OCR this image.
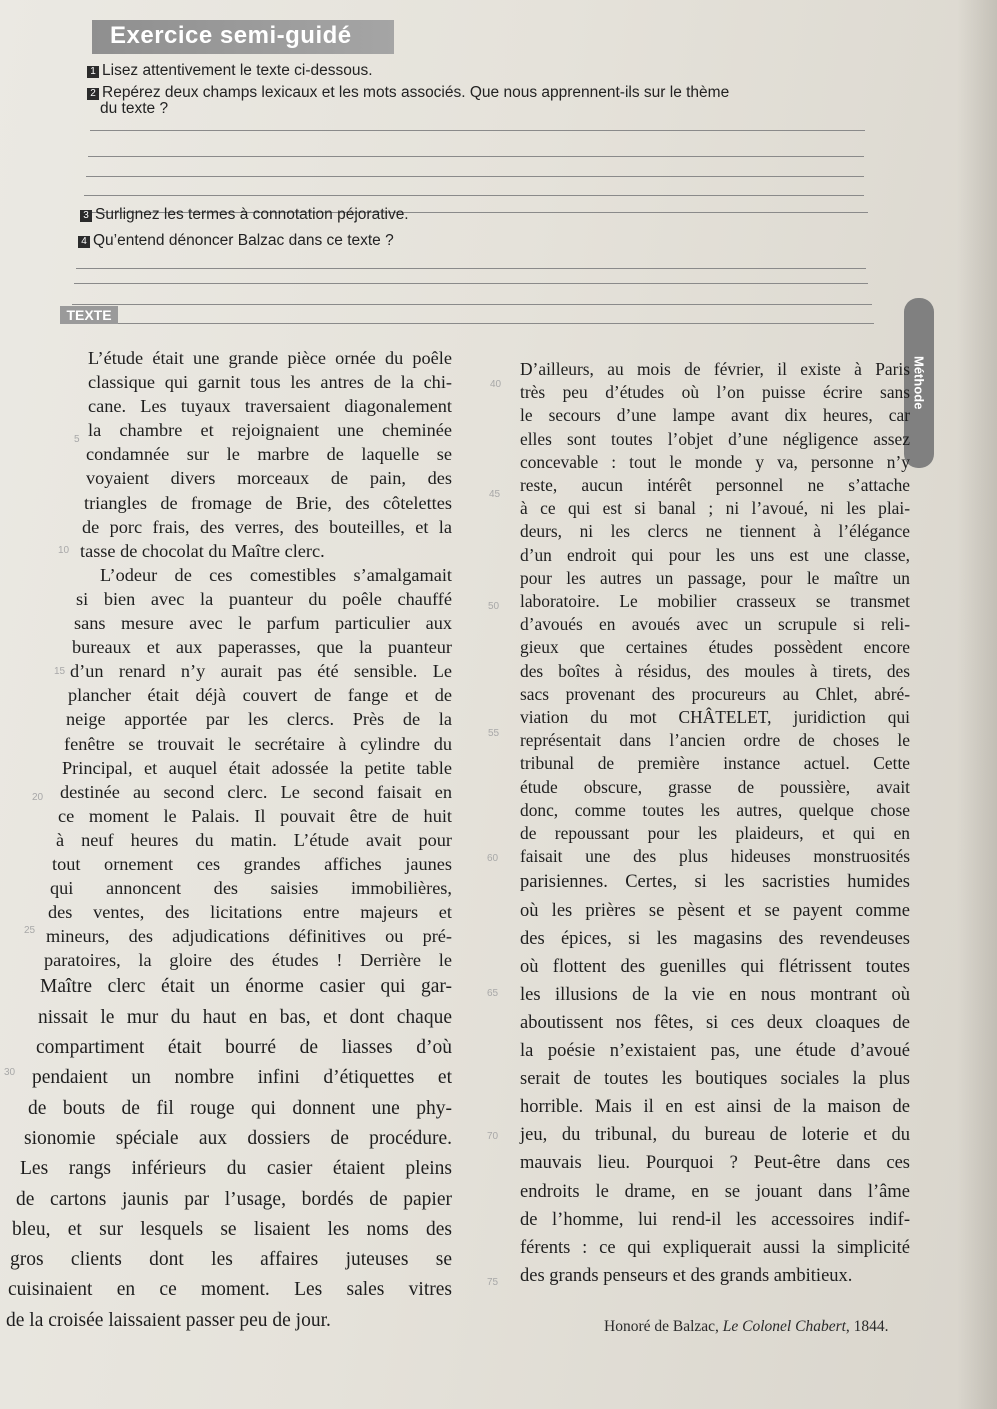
Exercice semi-guidé
1 Lisez attentivement le texte ci-dessous.
2 Repérez deux champs lexicaux et les mots associés. Que nous apprennent-ils sur le thème
du texte ?
3 Surlignez les termes à connotation péjorative.
4 Qu’entend dénoncer Balzac dans ce texte ?
TEXTE
Méthode
L’étude était une grande pièce ornée du poêle
classique qui garnit tous les antres de la chi-
cane. Les tuyaux traversaient diagonalement
la chambre et rejoignaient une cheminée
condamnée sur le marbre de laquelle se
voyaient divers morceaux de pain, des
triangles de fromage de Brie, des côtelettes
de porc frais, des verres, des bouteilles, et la
tasse de chocolat du Maître clerc.
L’odeur de ces comestibles s’amalgamait
si bien avec la puanteur du poêle chauffé
sans mesure avec le parfum particulier aux
bureaux et aux paperasses, que la puanteur
d’un renard n’y aurait pas été sensible. Le
plancher était déjà couvert de fange et de
neige apportée par les clercs. Près de la
fenêtre se trouvait le secrétaire à cylindre du
Principal, et auquel était adossée la petite table
destinée au second clerc. Le second faisait en
ce moment le Palais. Il pouvait être de huit
à neuf heures du matin. L’étude avait pour
tout ornement ces grandes affiches jaunes
qui annoncent des saisies immobilières,
des ventes, des licitations entre majeurs et
mineurs, des adjudications définitives ou pré-
paratoires, la gloire des études ! Derrière le
Maître clerc était un énorme casier qui gar-
nissait le mur du haut en bas, et dont chaque
compartiment était bourré de liasses d’où
pendaient un nombre infini d’étiquettes et
de bouts de fil rouge qui donnent une phy-
sionomie spéciale aux dossiers de procédure.
Les rangs inférieurs du casier étaient pleins
de cartons jaunis par l’usage, bordés de papier
bleu, et sur lesquels se lisaient les noms des
gros clients dont les affaires juteuses se
cuisinaient en ce moment. Les sales vitres
de la croisée laissaient passer peu de jour.
D’ailleurs, au mois de février, il existe à Paris
très peu d’études où l’on puisse écrire sans
le secours d’une lampe avant dix heures, car
elles sont toutes l’objet d’une négligence assez
concevable : tout le monde y va, personne n’y
reste, aucun intérêt personnel ne s’attache
à ce qui est si banal ; ni l’avoué, ni les plai-
deurs, ni les clercs ne tiennent à l’élégance
d’un endroit qui pour les uns est une classe,
pour les autres un passage, pour le maître un
laboratoire. Le mobilier crasseux se transmet
d’avoués en avoués avec un scrupule si reli-
gieux que certaines études possèdent encore
des boîtes à résidus, des moules à tirets, des
sacs provenant des procureurs au Chlet, abré-
viation du mot CHÂTELET, juridiction qui
représentait dans l’ancien ordre de choses le
tribunal de première instance actuel. Cette
étude obscure, grasse de poussière, avait
donc, comme toutes les autres, quelque chose
de repoussant pour les plaideurs, et qui en
faisait une des plus hideuses monstruosités
parisiennes. Certes, si les sacristies humides
où les prières se pèsent et se payent comme
des épices, si les magasins des revendeuses
où flottent des guenilles qui flétrissent toutes
les illusions de la vie en nous montrant où
aboutissent nos fêtes, si ces deux cloaques de
la poésie n’existaient pas, une étude d’avoué
serait de toutes les boutiques sociales la plus
horrible. Mais il en est ainsi de la maison de
jeu, du tribunal, du bureau de loterie et du
mauvais lieu. Pourquoi ? Peut-être dans ces
endroits le drame, en se jouant dans l’âme
de l’homme, lui rend-il les accessoires indif-
férents : ce qui expliquerait aussi la simplicité
des grands penseurs et des grands ambitieux.
5
10
15
20
25
30
40
45
50
55
60
65
70
75
Honoré de Balzac, Le Colonel Chabert, 1844.
